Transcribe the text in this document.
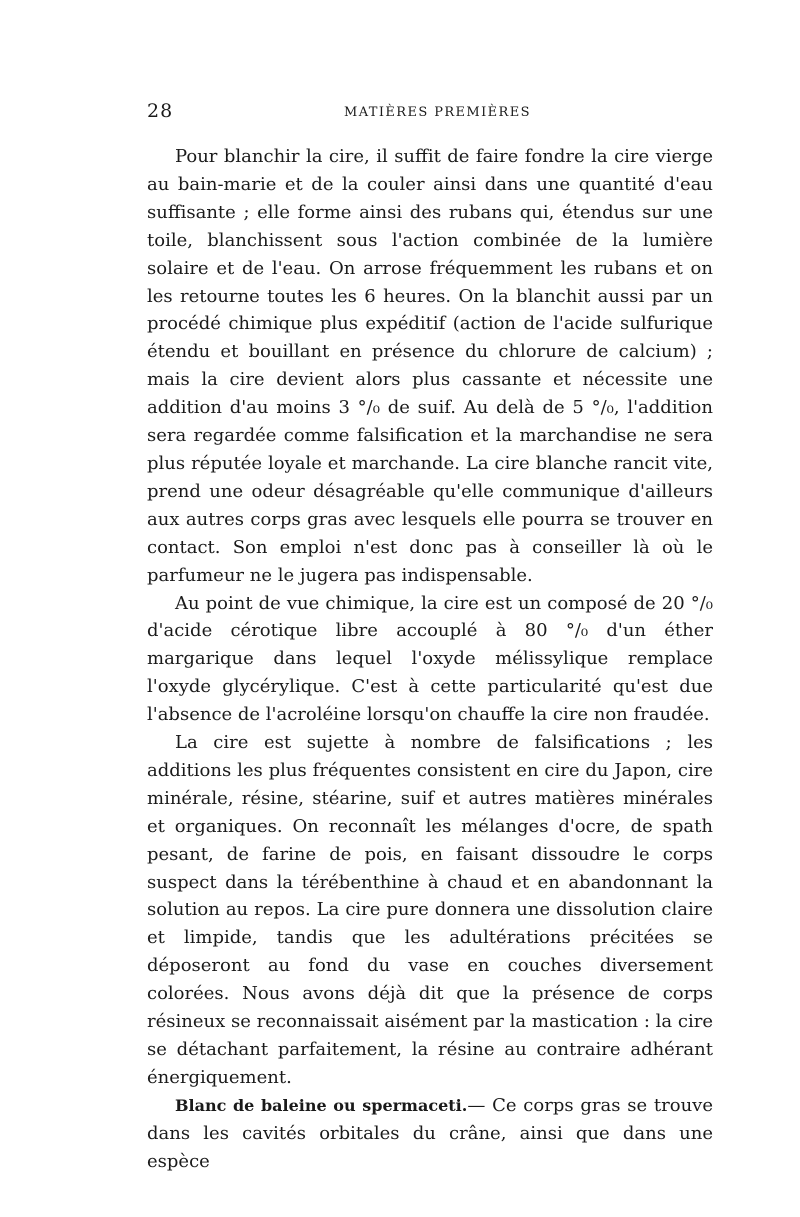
28	MATIÈRES PREMIÈRES

Pour blanchir la cire, il suffit de faire fondre la cire vierge au bain-marie et de la couler ainsi dans une quantité d'eau suffisante ; elle forme ainsi des rubans qui, étendus sur une toile, blanchissent sous l'action combinée de la lumière solaire et de l'eau. On arrose fréquemment les rubans et on les retourne toutes les 6 heures. On la blanchit aussi par un procédé chimique plus expéditif (action de l'acide sulfurique étendu et bouillant en présence du chlorure de calcium) ; mais la cire devient alors plus cassante et nécessite une addition d'au moins 3 °/₀ de suif. Au delà de 5 °/₀, l'addition sera regardée comme falsification et la marchandise ne sera plus réputée loyale et marchande. La cire blanche rancit vite, prend une odeur désagréable qu'elle communique d'ailleurs aux autres corps gras avec lesquels elle pourra se trouver en contact. Son emploi n'est donc pas à conseiller là où le parfumeur ne le jugera pas indispensable.

Au point de vue chimique, la cire est un composé de 20 °/₀ d'acide cérotique libre accouplé à 80 °/₀ d'un éther margarique dans lequel l'oxyde mélissylique remplace l'oxyde glycérylique. C'est à cette particularité qu'est due l'absence de l'acroléine lorsqu'on chauffe la cire non fraudée.

La cire est sujette à nombre de falsifications ; les additions les plus fréquentes consistent en cire du Japon, cire minérale, résine, stéarine, suif et autres matières minérales et organiques. On reconnaît les mélanges d'ocre, de spath pesant, de farine de pois, en faisant dissoudre le corps suspect dans la térébenthine à chaud et en abandonnant la solution au repos. La cire pure donnera une dissolution claire et limpide, tandis que les adultérations précitées se déposeront au fond du vase en couches diversement colorées. Nous avons déjà dit que la présence de corps résineux se reconnaissait aisément par la mastication : la cire se détachant parfaitement, la résine au contraire adhérant énergiquement.

Blanc de baleine ou spermaceti.— Ce corps gras se trouve dans les cavités orbitales du crâne, ainsi que dans une espèce
